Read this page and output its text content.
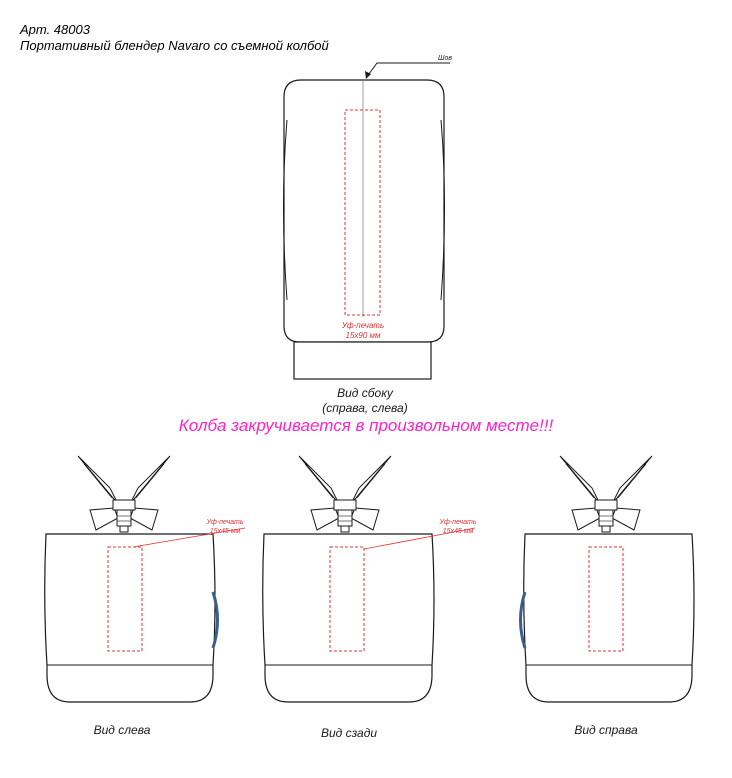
Арт. 48003
Портативный блендер Navaro со съемной колбой
Шов
Уф-печать
15x90 мм
Вид сбоку
(справа, слева)
Колба закручивается в произвольном месте!!!
Уф-печать
15x45 мм
Вид слева
Уф-печать
15x45 мм
Вид сзади	Вид справа
